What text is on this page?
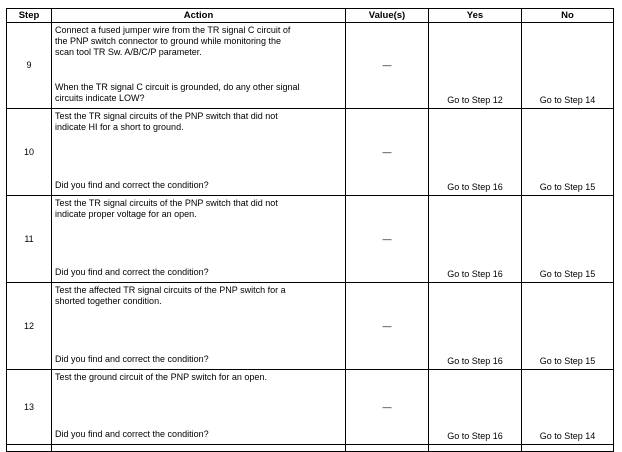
Step	Action	Value(s)	Yes	No
9	Connect a fused jumper wire from the TR signal C circuit of

the PNP switch connector to ground while monitoring the

scan tool TR Sw. A/B/C/P parameter.

When the TR signal C circuit is grounded, do any other signal

circuits indicate LOW?	—	Go to Step 12	Go to Step 14
10	Test the TR signal circuits of the PNP switch that did not

indicate HI for a short to ground.

Did you find and correct the condition?	—	Go to Step 16	Go to Step 15
11	Test the TR signal circuits of the PNP switch that did not

indicate proper voltage for an open.

Did you find and correct the condition?	—	Go to Step 16	Go to Step 15
12	Test the affected TR signal circuits of the PNP switch for a

shorted together condition.

Did you find and correct the condition?	—	Go to Step 16	Go to Step 15
13	Test the ground circuit of the PNP switch for an open.

Did you find and correct the condition?	—	Go to Step 16	Go to Step 14
